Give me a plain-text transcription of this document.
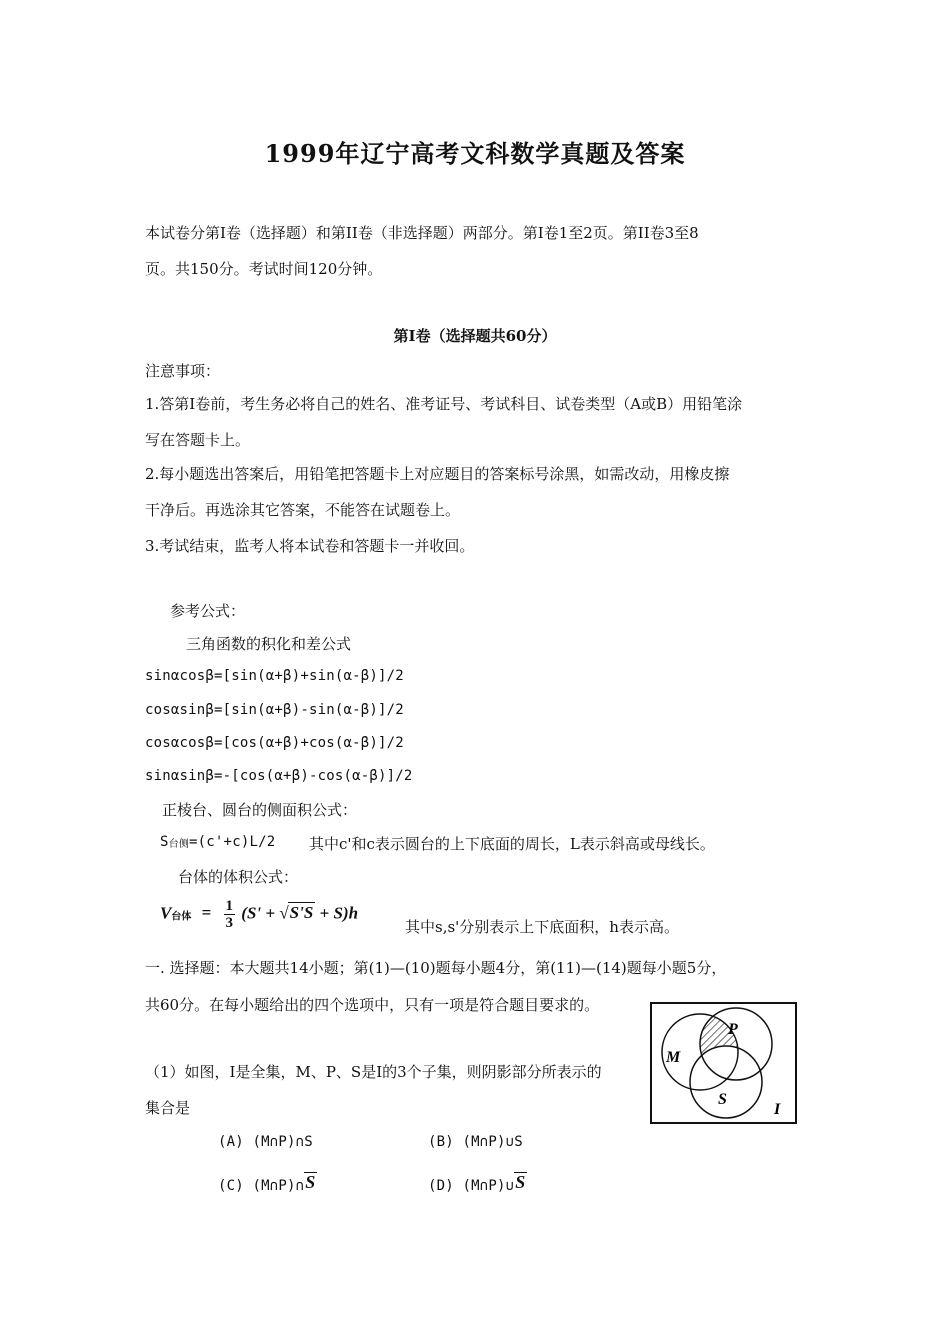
1999年辽宁高考文科数学真题及答案
本试卷分第Ⅰ卷（选择题）和第II卷（非选择题）两部分。第Ⅰ卷1至2页。第II卷3至8
页。共150分。考试时间120分钟。
第Ⅰ卷（选择题共60分）
注意事项：
1.答第Ⅰ卷前，考生务必将自己的姓名、准考证号、考试科目、试卷类型（A或B）用铅笔涂
写在答题卡上。
2.每小题选出答案后，用铅笔把答题卡上对应题目的答案标号涂黑，如需改动，用橡皮擦
干净后。再选涂其它答案，不能答在试题卷上。
3.考试结束，监考人将本试卷和答题卡一并收回。
参考公式：
三角函数的积化和差公式
sinαcosβ=[sin(α+β)+sin(α-β)]/2
cosαsinβ=[sin(α+β)-sin(α-β)]/2
cosαcosβ=[cos(α+β)+cos(α-β)]/2
sinαsinβ=-[cos(α+β)-cos(α-β)]/2
正棱台、圆台的侧面积公式：
S台侧=(c'+c)L/2 其中c'和c表示圆台的上下底面的周长，L表示斜高或母线长。
台体的体积公式：
V台体 = $\frac{1}{3} (S' + √S'S + S)h$
其中s,s'分别表示上下底面积，h表示高。
一. 选择题：本大题共14小题；第(1)—(10)题每小题4分，第(11)—(14)题每小题5分，
共60分。在每小题给出的四个选项中，只有一项是符合题目要求的。
（1）如图，I是全集，M、P、S是I的3个子集，则阴影部分所表示的
集合是
(A) (M∩P)∩S	(B) (M∩P)∪S
(C) (M∩P)∩S	(D) (M∩P)∪S
M
P
S
I
